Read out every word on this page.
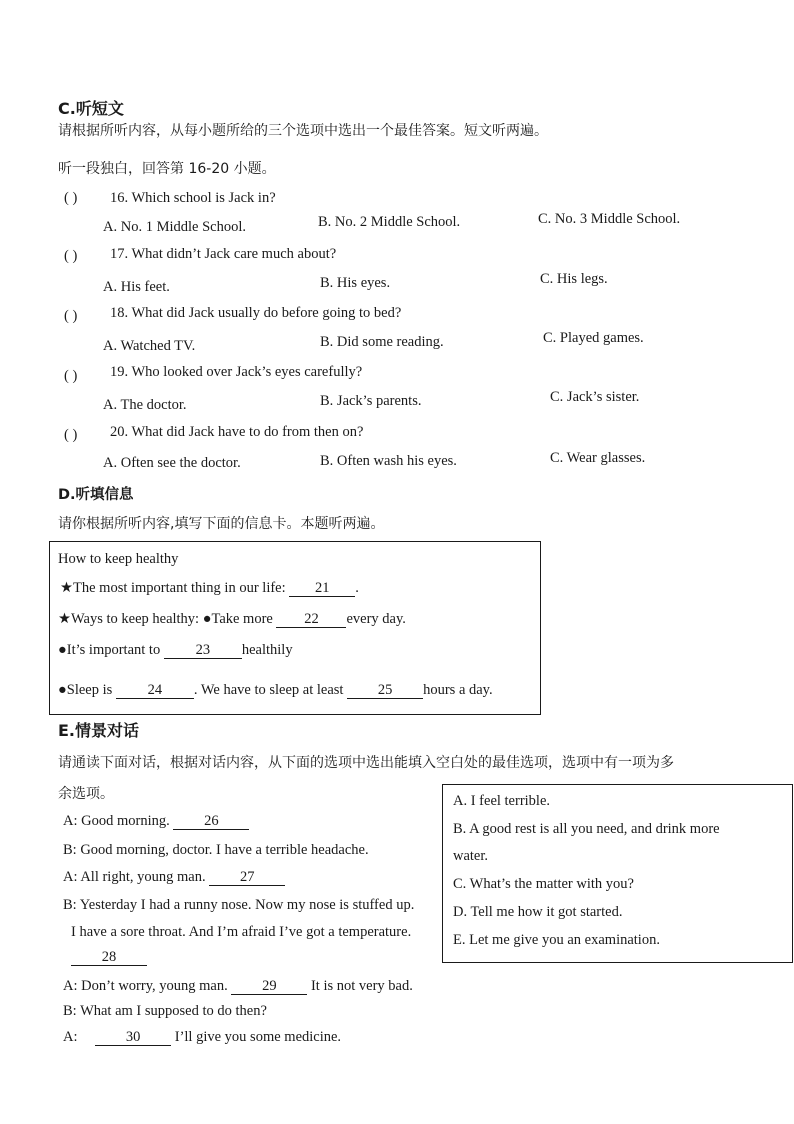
C.听短文
请根据所听内容，从每小题所给的三个选项中选出一个最佳答案。短文听两遍。
听一段独白，回答第 16-20 小题。
( ) 16. Which school is Jack in?
A. No. 1 Middle School.	B. No. 2 Middle School.	C. No. 3 Middle School.
( ) 17. What didn’t Jack care much about?
A. His feet.	B. His eyes.	C. His legs.
( ) 18. What did Jack usually do before going to bed?
A. Watched TV.	B. Did some reading.	C. Played games.
( ) 19. Who looked over Jack’s eyes carefully?
A. The doctor.	B. Jack’s parents.	C. Jack’s sister.
( ) 20. What did Jack have to do from then on?
A. Often see the doctor.	B. Often wash his eyes.	C. Wear glasses.
D.听填信息
请你根据所听内容,填写下面的信息卡。本题听两遍。
How to keep healthy
★The most important thing in our life: 21 .
★Ways to keep healthy: ●Take more 22 every day.
●It’s important to 23 healthily
●Sleep is 24 . We have to sleep at least 25 hours a day.
E.情景对话
请通读下面对话，根据对话内容，从下面的选项中选出能填入空白处的最佳选项，选项中有一项为多
余选项。	A. I feel terrible.
B. A good rest is all you need, and drink more
water.
C. What’s the matter with you?
D. Tell me how it got started.
E. Let me give you an examination.
A: Good morning. 26
B: Good morning, doctor. I have a terrible headache.
A: All right, young man. 27
B: Yesterday I had a runny nose. Now my nose is stuffed up.
I have a sore throat. And I’m afraid I’ve got a temperature.
28
A: Don’t worry, young man. 29 It is not very bad.
B: What am I supposed to do then?
A:	30 I’ll give you some medicine.
